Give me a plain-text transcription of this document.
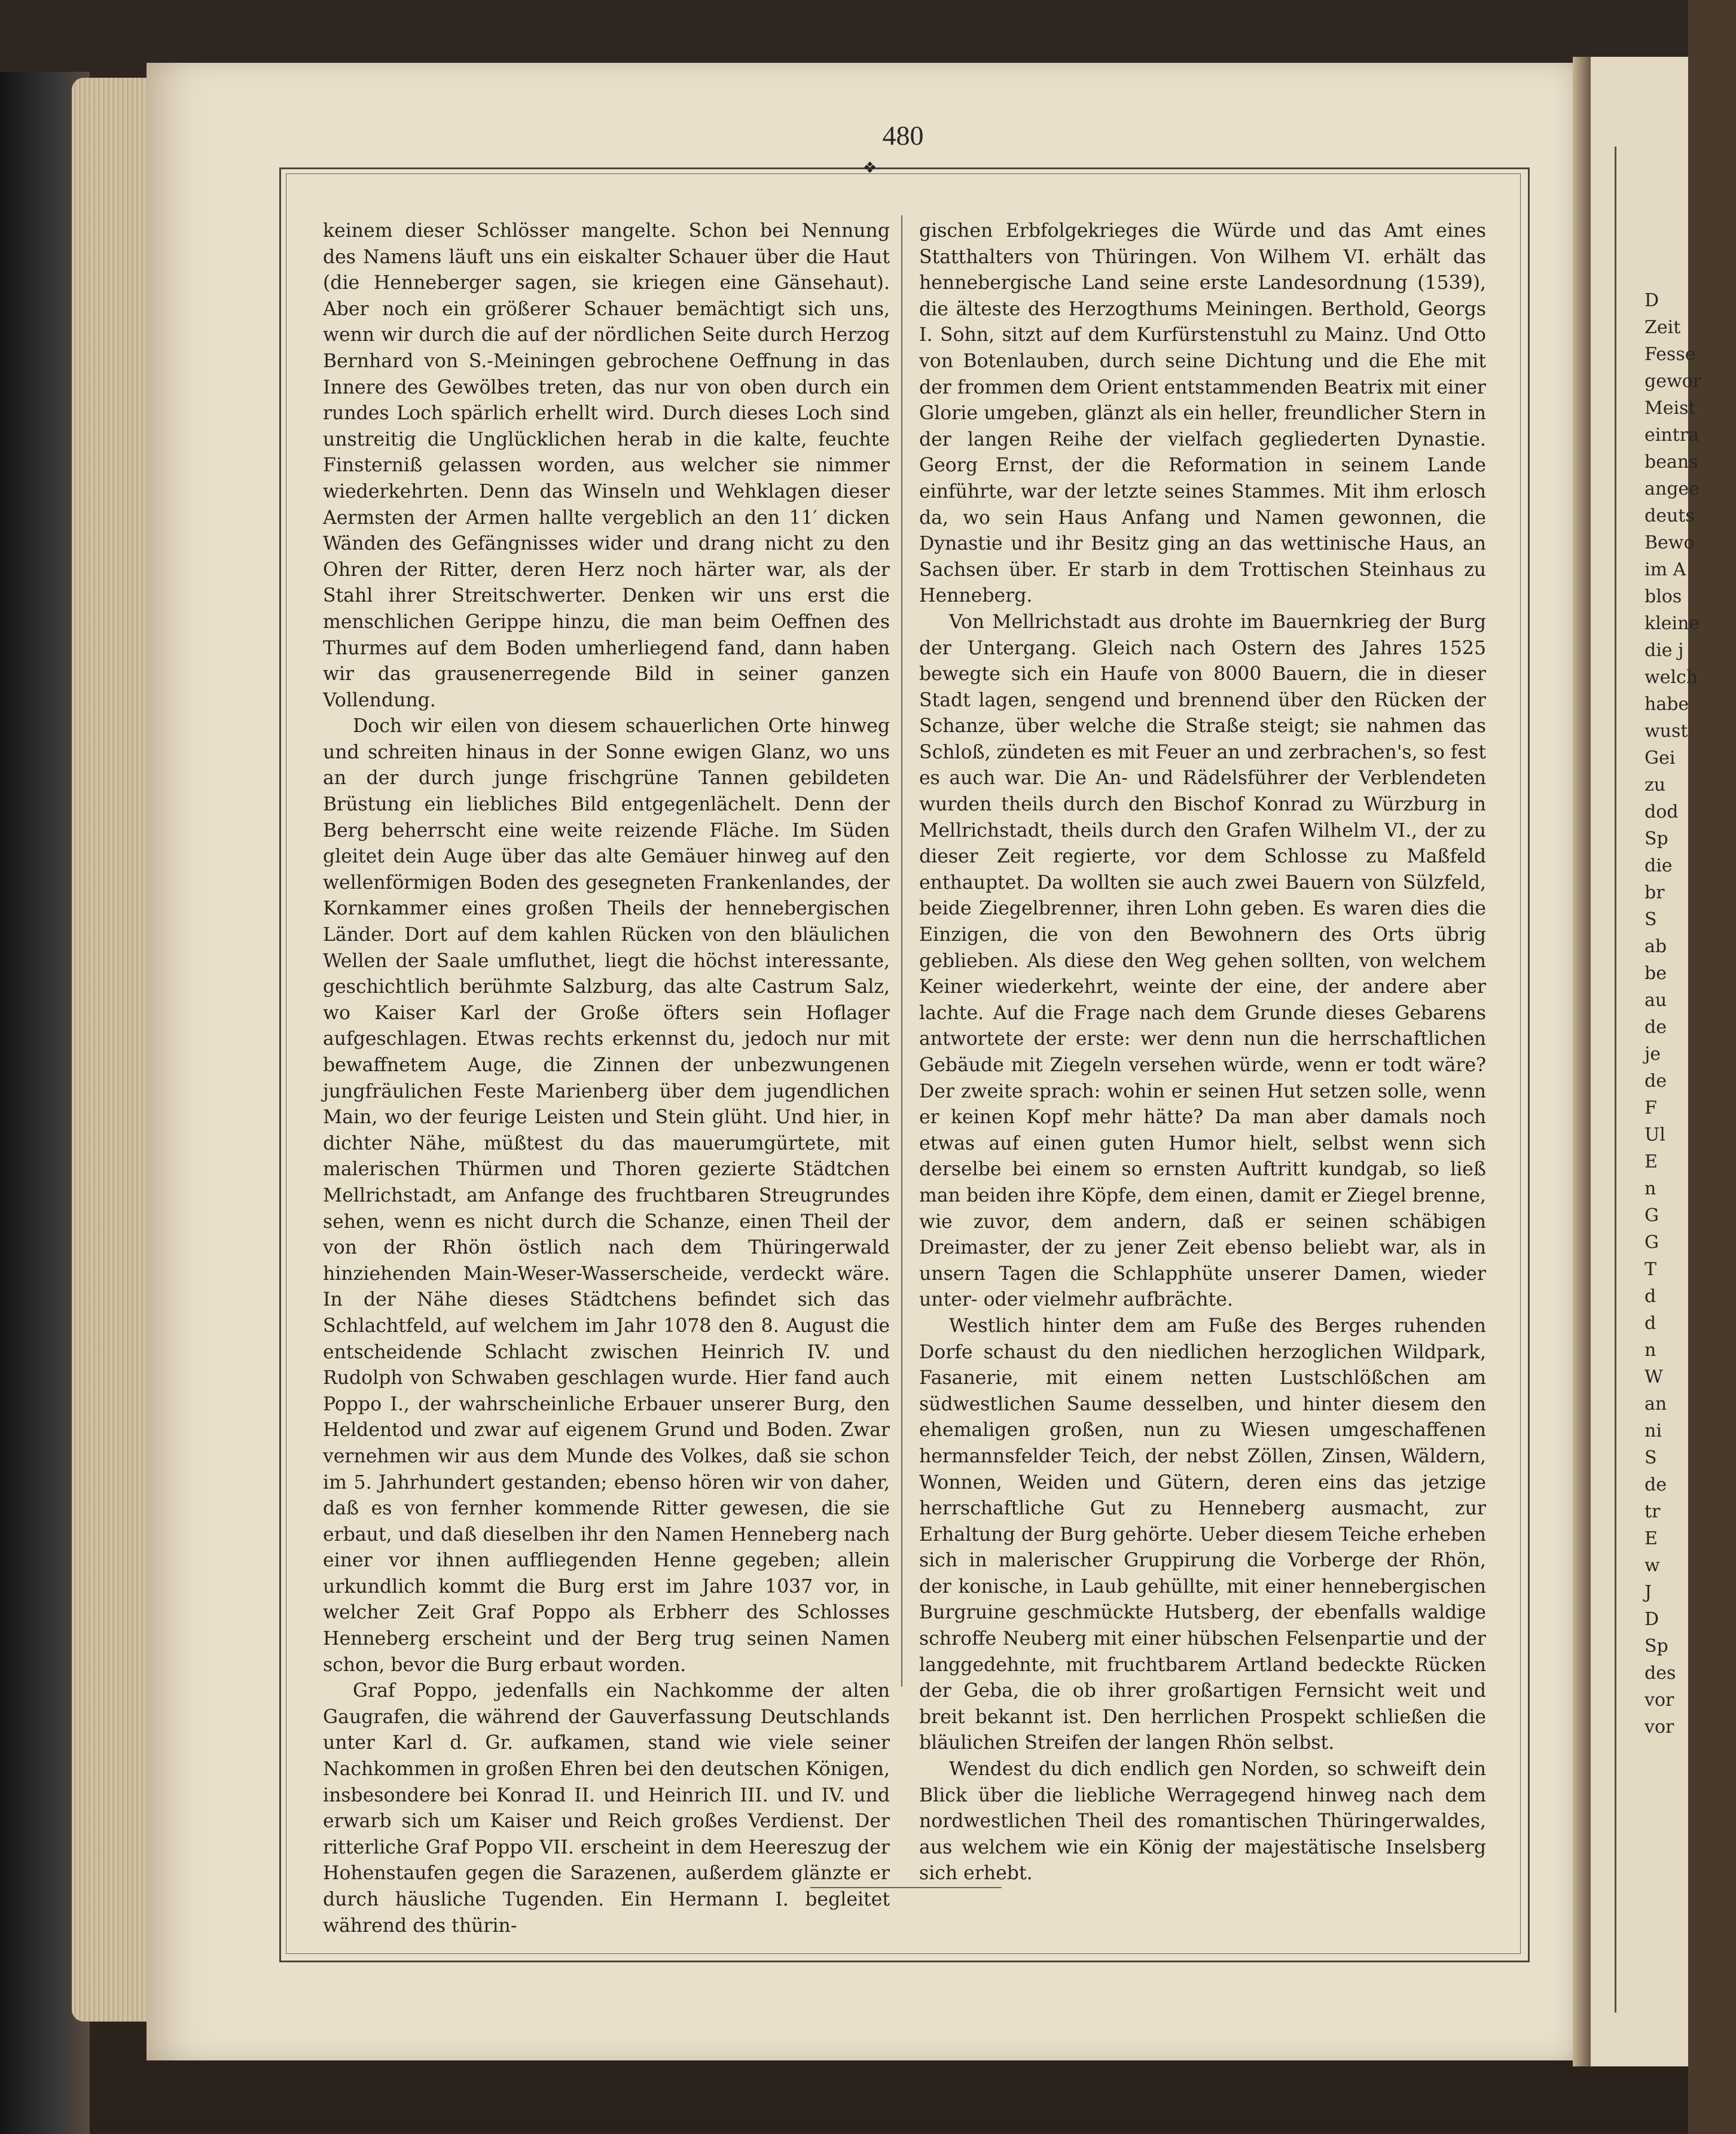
D
Zeit
Fesse
gewor
Meist
eintra
beans
angee
deuts
Bewo
im A
blos
kleine
die j
welch
habe
wust
Gei
zu
dod
Sp
die
br
S
ab
be
au
de
je
de
F
Ul
E
n
G
G
T
d
d
n
W
an
ni
S
de
tr
E
w
J
D
Sp
des
vor
vor
480
❖

keinem dieser Schlösser mangelte. Schon bei Nennung des Namens läuft uns ein eiskalter Schauer über die Haut (die Henneberger sagen, sie kriegen eine Gänsehaut). Aber noch ein größerer Schauer bemächtigt sich uns, wenn wir durch die auf der nördlichen Seite durch Herzog Bernhard von S.-Meiningen gebrochene Oeffnung in das Innere des Gewölbes treten, das nur von oben durch ein rundes Loch spärlich erhellt wird. Durch dieses Loch sind unstreitig die Unglücklichen herab in die kalte, feuchte Finsterniß gelassen worden, aus welcher sie nimmer wiederkehrten. Denn das Winseln und Wehklagen dieser Aermsten der Armen hallte vergeblich an den 11′ dicken Wänden des Gefängnisses wider und drang nicht zu den Ohren der Ritter, deren Herz noch härter war, als der Stahl ihrer Streitschwerter. Denken wir uns erst die menschlichen Gerippe hinzu, die man beim Oeffnen des Thurmes auf dem Boden umherliegend fand, dann haben wir das grausenerregende Bild in seiner ganzen Vollendung.

Doch wir eilen von diesem schauerlichen Orte hinweg und schreiten hinaus in der Sonne ewigen Glanz, wo uns an der durch junge frischgrüne Tannen gebildeten Brüstung ein liebliches Bild entgegenlächelt. Denn der Berg beherrscht eine weite reizende Fläche. Im Süden gleitet dein Auge über das alte Gemäuer hinweg auf den wellenförmigen Boden des gesegneten Frankenlandes, der Kornkammer eines großen Theils der hennebergischen Länder. Dort auf dem kahlen Rücken von den bläulichen Wellen der Saale umfluthet, liegt die höchst interessante, geschichtlich berühmte Salzburg, das alte Castrum Salz, wo Kaiser Karl der Große öfters sein Hoflager aufgeschlagen. Etwas rechts erkennst du, jedoch nur mit bewaffnetem Auge, die Zinnen der unbezwungenen jungfräulichen Feste Marienberg über dem jugendlichen Main, wo der feurige Leisten und Stein glüht. Und hier, in dichter Nähe, müßtest du das mauerumgürtete, mit malerischen Thürmen und Thoren gezierte Städtchen Mellrichstadt, am Anfange des fruchtbaren Streugrundes sehen, wenn es nicht durch die Schanze, einen Theil der von der Rhön östlich nach dem Thüringerwald hinziehenden Main-Weser-Wasserscheide, verdeckt wäre. In der Nähe dieses Städtchens befindet sich das Schlachtfeld, auf welchem im Jahr 1078 den 8. August die entscheidende Schlacht zwischen Heinrich IV. und Rudolph von Schwaben geschlagen wurde. Hier fand auch Poppo I., der wahrscheinliche Erbauer unserer Burg, den Heldentod und zwar auf eigenem Grund und Boden. Zwar vernehmen wir aus dem Munde des Volkes, daß sie schon im 5. Jahrhundert gestanden; ebenso hören wir von daher, daß es von fernher kommende Ritter gewesen, die sie erbaut, und daß dieselben ihr den Namen Henneberg nach einer vor ihnen auffliegenden Henne gegeben; allein urkundlich kommt die Burg erst im Jahre 1037 vor, in welcher Zeit Graf Poppo als Erbherr des Schlosses Henneberg erscheint und der Berg trug seinen Namen schon, bevor die Burg erbaut worden.

Graf Poppo, jedenfalls ein Nachkomme der alten Gaugrafen, die während der Gauverfassung Deutschlands unter Karl d. Gr. aufkamen, stand wie viele seiner Nachkommen in großen Ehren bei den deutschen Königen, insbesondere bei Konrad II. und Heinrich III. und IV. und erwarb sich um Kaiser und Reich großes Verdienst. Der ritterliche Graf Poppo VII. erscheint in dem Heereszug der Hohenstaufen gegen die Sarazenen, außerdem glänzte er durch häusliche Tugenden. Ein Hermann I. begleitet während des thürin-

gischen Erbfolgekrieges die Würde und das Amt eines Statthalters von Thüringen. Von Wilhem VI. erhält das hennebergische Land seine erste Landesordnung (1539), die älteste des Herzogthums Meiningen. Berthold, Georgs I. Sohn, sitzt auf dem Kurfürstenstuhl zu Mainz. Und Otto von Botenlauben, durch seine Dichtung und die Ehe mit der frommen dem Orient entstammenden Beatrix mit einer Glorie umgeben, glänzt als ein heller, freundlicher Stern in der langen Reihe der vielfach gegliederten Dynastie. Georg Ernst, der die Reformation in seinem Lande einführte, war der letzte seines Stammes. Mit ihm erlosch da, wo sein Haus Anfang und Namen gewonnen, die Dynastie und ihr Besitz ging an das wettinische Haus, an Sachsen über. Er starb in dem Trottischen Steinhaus zu Henneberg.

Von Mellrichstadt aus drohte im Bauernkrieg der Burg der Untergang. Gleich nach Ostern des Jahres 1525 bewegte sich ein Haufe von 8000 Bauern, die in dieser Stadt lagen, sengend und brennend über den Rücken der Schanze, über welche die Straße steigt; sie nahmen das Schloß, zündeten es mit Feuer an und zerbrachen's, so fest es auch war. Die An- und Rädelsführer der Verblendeten wurden theils durch den Bischof Konrad zu Würzburg in Mellrichstadt, theils durch den Grafen Wilhelm VI., der zu dieser Zeit regierte, vor dem Schlosse zu Maßfeld enthauptet. Da wollten sie auch zwei Bauern von Sülzfeld, beide Ziegelbrenner, ihren Lohn geben. Es waren dies die Einzigen, die von den Bewohnern des Orts übrig geblieben. Als diese den Weg gehen sollten, von welchem Keiner wiederkehrt, weinte der eine, der andere aber lachte. Auf die Frage nach dem Grunde dieses Gebarens antwortete der erste: wer denn nun die herrschaftlichen Gebäude mit Ziegeln versehen würde, wenn er todt wäre? Der zweite sprach: wohin er seinen Hut setzen solle, wenn er keinen Kopf mehr hätte? Da man aber damals noch etwas auf einen guten Humor hielt, selbst wenn sich derselbe bei einem so ernsten Auftritt kundgab, so ließ man beiden ihre Köpfe, dem einen, damit er Ziegel brenne, wie zuvor, dem andern, daß er seinen schäbigen Dreimaster, der zu jener Zeit ebenso beliebt war, als in unsern Tagen die Schlapphüte unserer Damen, wieder unter- oder vielmehr aufbrächte.

Westlich hinter dem am Fuße des Berges ruhenden Dorfe schaust du den niedlichen herzoglichen Wildpark, Fasanerie, mit einem netten Lustschlößchen am südwestlichen Saume desselben, und hinter diesem den ehemaligen großen, nun zu Wiesen umgeschaffenen hermannsfelder Teich, der nebst Zöllen, Zinsen, Wäldern, Wonnen, Weiden und Gütern, deren eins das jetzige herrschaftliche Gut zu Henneberg ausmacht, zur Erhaltung der Burg gehörte. Ueber diesem Teiche erheben sich in malerischer Gruppirung die Vorberge der Rhön, der konische, in Laub gehüllte, mit einer hennebergischen Burgruine geschmückte Hutsberg, der ebenfalls waldige schroffe Neuberg mit einer hübschen Felsenpartie und der langgedehnte, mit fruchtbarem Artland bedeckte Rücken der Geba, die ob ihrer großartigen Fernsicht weit und breit bekannt ist. Den herrlichen Prospekt schließen die bläulichen Streifen der langen Rhön selbst.

Wendest du dich endlich gen Norden, so schweift dein Blick über die liebliche Werragegend hinweg nach dem nordwestlichen Theil des romantischen Thüringerwaldes, aus welchem wie ein König der majestätische Inselsberg sich erhebt.
